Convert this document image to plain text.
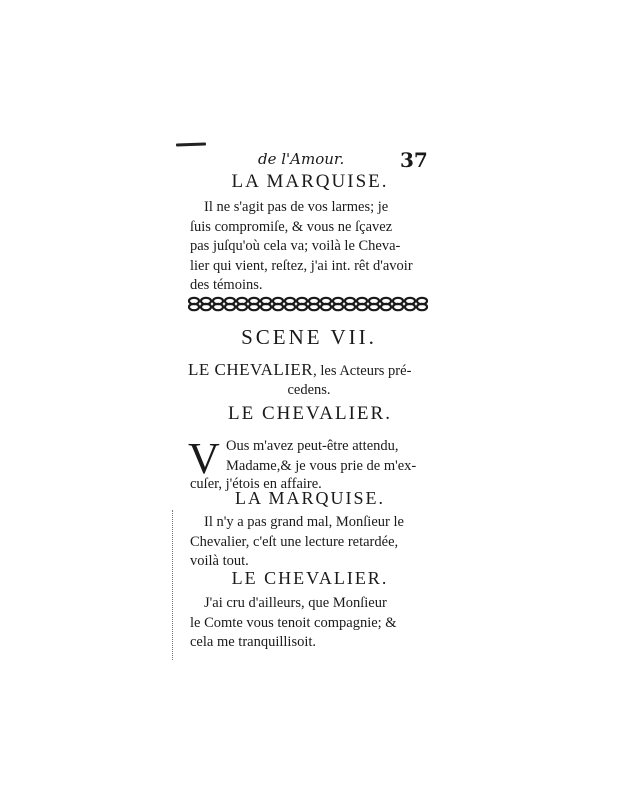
de l'Amour.	37
LA MARQUISE.
Il ne s'agit pas de vos larmes; je
ſuis compromiſe, & vous ne ſçavez
pas juſqu'où cela va; voilà le Cheva-
lier qui vient, reſtez, j'ai int. rêt d'avoir
des témoins.
SCENE VII.
LE CHEVALIER, les Acteurs pré-
cedens.
LE CHEVALIER.
V Ous m'avez peut-être attendu,
Madame,& je vous prie de m'ex-
cuſer, j'étois en affaire.
LA MARQUISE.
Il n'y a pas grand mal, Monſieur le
Chevalier, c'eſt une lecture retardée,
voilà tout.
LE CHEVALIER.
J'ai cru d'ailleurs, que Monſieur
le Comte vous tenoit compagnie; &
cela me tranquillisoit.
